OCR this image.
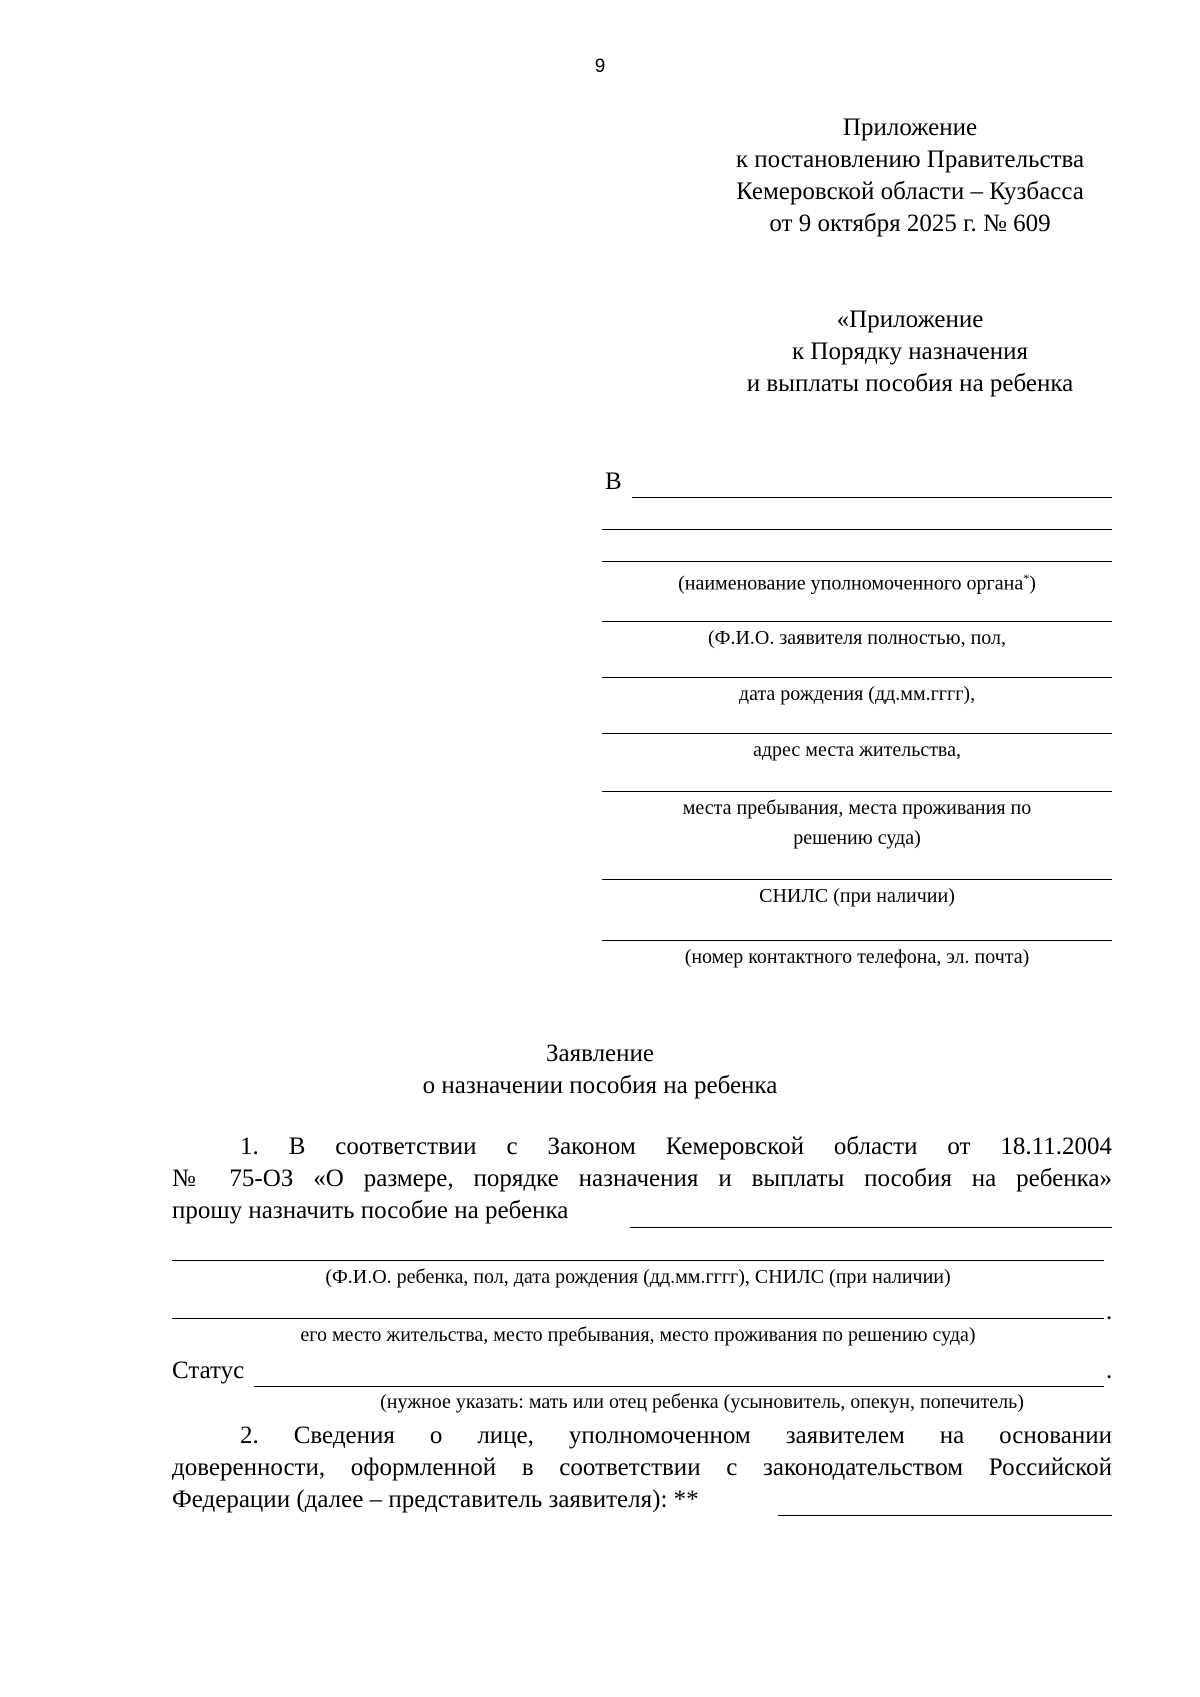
9
Приложение
к постановлению Правительства
Кемеровской области – Кузбасса
от 9 октября 2025 г. № 609
«Приложение
к Порядку назначения
и выплаты пособия на ребенка
В
(наименование уполномоченного органа*)
(Ф.И.О. заявителя полностью, пол,
дата рождения (дд.мм.гггг),
адрес места жительства,
места пребывания, места проживания по
решению суда)
СНИЛС (при наличии)
(номер контактного телефона, эл. почта)
Заявление
о назначении пособия на ребенка
1. В соответствии с Законом Кемеровской области от 18.11.2004
№ 75-ОЗ «О размере, порядке назначения и выплаты пособия на ребенка»
прошу назначить пособие на ребенка
(Ф.И.О. ребенка, пол, дата рождения (дд.мм.гггг), СНИЛС (при наличии)
.
его место жительства, место пребывания, место проживания по решению суда)
Статус	.
(нужное указать: мать или отец ребенка (усыновитель, опекун, попечитель)
2. Сведения о лице, уполномоченном заявителем на основании
доверенности, оформленной в соответствии с законодательством Российской
Федерации (далее – представитель заявителя): **
